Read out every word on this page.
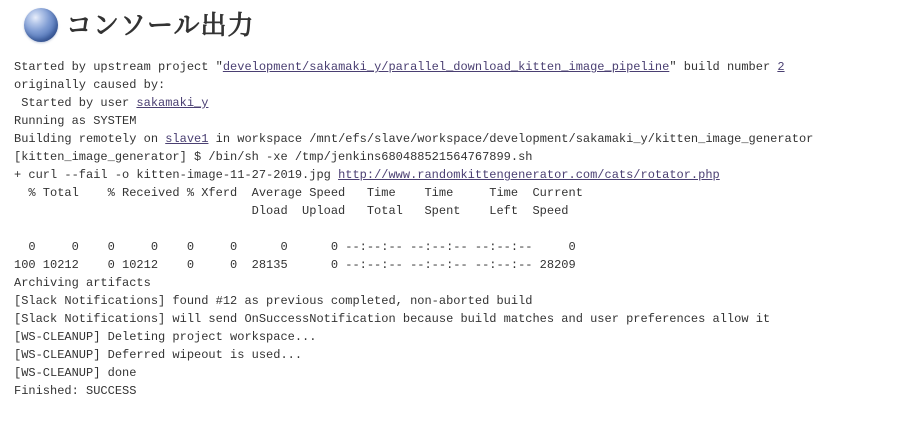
コンソール出力
Started by upstream project "development/sakamaki_y/parallel_download_kitten_image_pipeline" build number 2
originally caused by:
Started by user sakamaki_y
Running as SYSTEM
Building remotely on slave1 in workspace /mnt/efs/slave/workspace/development/sakamaki_y/kitten_image_generator
[kitten_image_generator] $ /bin/sh -xe /tmp/jenkins680488521564767899.sh
+ curl --fail -o kitten-image-11-27-2019.jpg http://www.randomkittengenerator.com/cats/rotator.php
% Total    % Received % Xferd  Average Speed   Time    Time     Time  Current
Dload  Upload   Total   Spent    Left  Speed
0     0    0     0    0     0      0      0 --:--:-- --:--:-- --:--:--     0
100 10212    0 10212    0     0  28135      0 --:--:-- --:--:-- --:--:-- 28209
Archiving artifacts
[Slack Notifications] found #12 as previous completed, non-aborted build
[Slack Notifications] will send OnSuccessNotification because build matches and user preferences allow it
[WS-CLEANUP] Deleting project workspace...
[WS-CLEANUP] Deferred wipeout is used...
[WS-CLEANUP] done
Finished: SUCCESS
